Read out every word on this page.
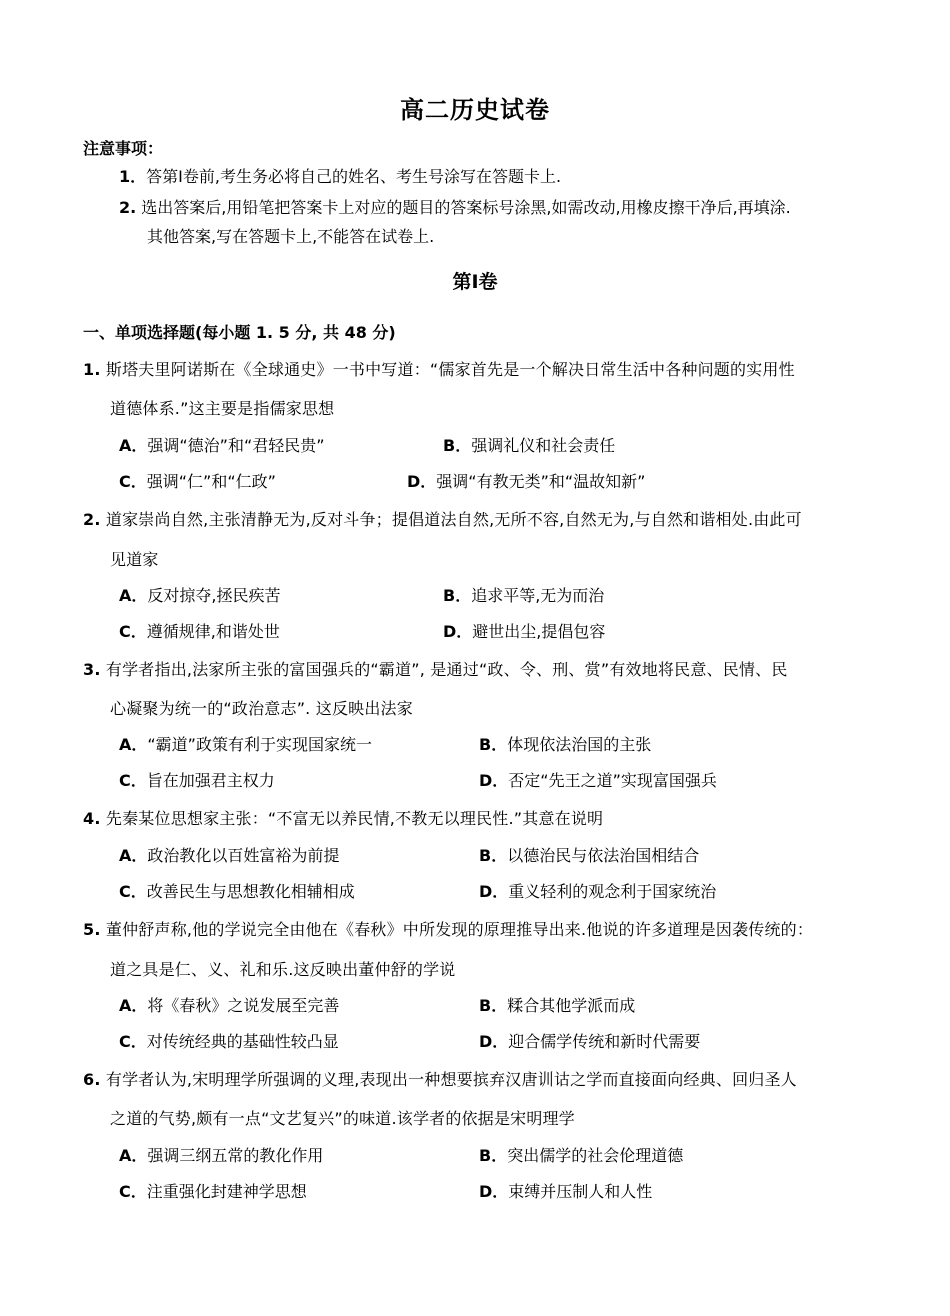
高二历史试卷
注意事项：
1．答第Ⅰ卷前,考生务必将自己的姓名、考生号涂写在答题卡上.
2. 选出答案后,用铅笔把答案卡上对应的题目的答案标号涂黑,如需改动,用橡皮擦干净后,再填涂.
其他答案,写在答题卡上,不能答在试卷上.
第Ⅰ卷
一、单项选择题(每小题 1. 5 分, 共 48 分)
1. 斯塔夫里阿诺斯在《全球通史》一书中写道：“儒家首先是一个解决日常生活中各种问题的实用性
道德体系.”这主要是指儒家思想
A．强调“德治”和“君轻民贵”	B．强调礼仪和社会责任
C．强调“仁”和“仁政”	D．强调“有教无类”和“温故知新”
2. 道家崇尚自然,主张清静无为,反对斗争；提倡道法自然,无所不容,自然无为,与自然和谐相处.由此可
见道家
A．反对掠夺,拯民疾苦	B．追求平等,无为而治
C．遵循规律,和谐处世	D．避世出尘,提倡包容
3. 有学者指出,法家所主张的富国强兵的“霸道”, 是通过“政、令、刑、赏”有效地将民意、民情、民
心凝聚为统一的“政治意志”. 这反映出法家
A．“霸道”政策有利于实现国家统一	B．体现依法治国的主张
C．旨在加强君主权力	D．否定“先王之道”实现富国强兵
4. 先秦某位思想家主张：“不富无以养民情,不教无以理民性.”其意在说明
A．政治教化以百姓富裕为前提	B．以德治民与依法治国相结合
C．改善民生与思想教化相辅相成	D．重义轻利的观念利于国家统治
5. 董仲舒声称,他的学说完全由他在《春秋》中所发现的原理推导出来.他说的许多道理是因袭传统的：
道之具是仁、义、礼和乐.这反映出董仲舒的学说
A．将《春秋》之说发展至完善	B．糅合其他学派而成
C．对传统经典的基础性较凸显	D．迎合儒学传统和新时代需要
6. 有学者认为,宋明理学所强调的义理,表现出一种想要摈弃汉唐训诂之学而直接面向经典、回归圣人
之道的气势,颇有一点“文艺复兴”的味道.该学者的依据是宋明理学
A．强调三纲五常的教化作用	B．突出儒学的社会伦理道德
C．注重强化封建神学思想	D．束缚并压制人和人性
